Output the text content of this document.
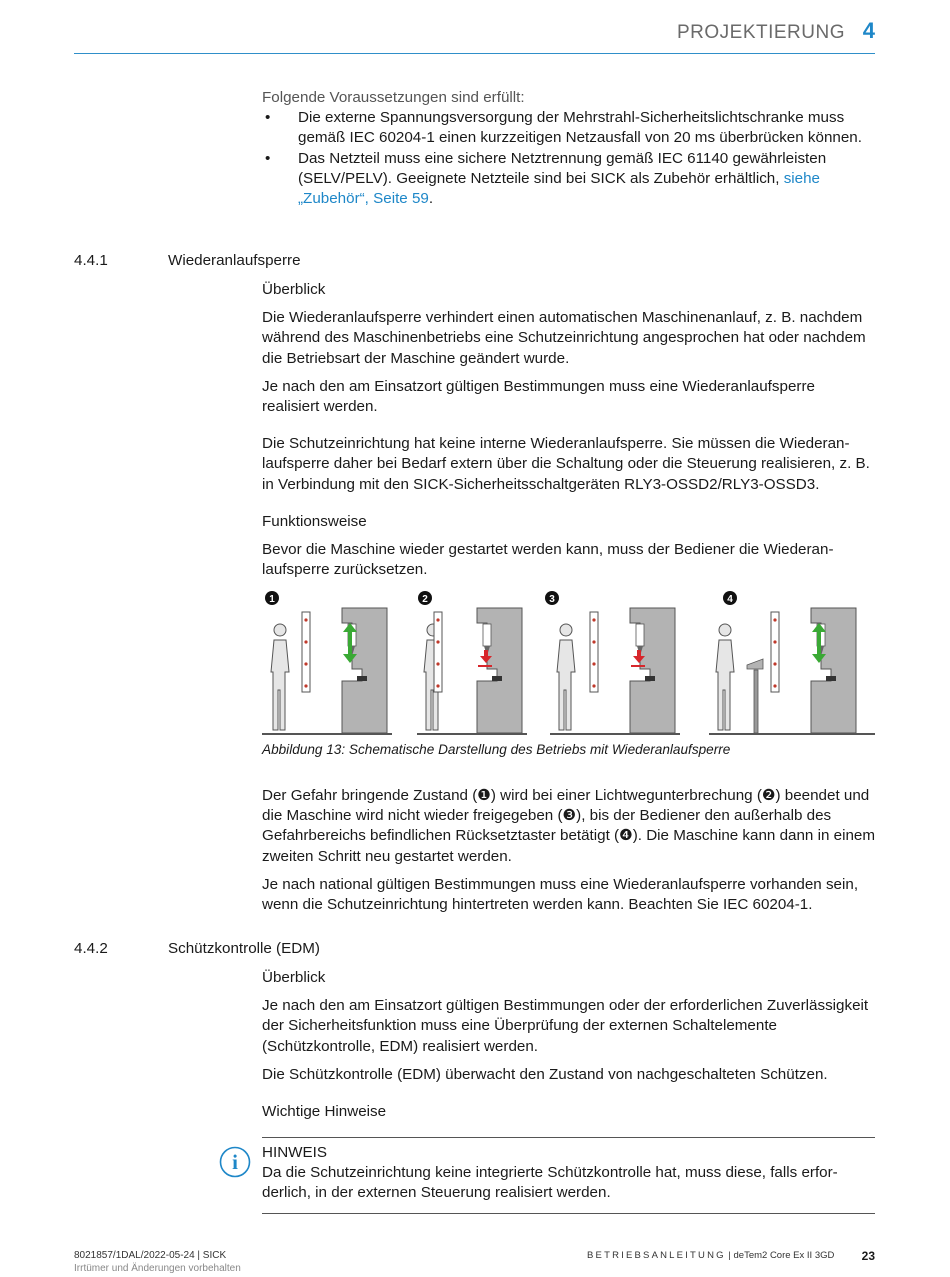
PROJEKTIERUNG 4

Folgende Voraussetzungen sind erfüllt:

• Die externe Spannungsversorgung der Mehrstrahl-Sicherheitslichtschranke muss gemäß IEC 60204-1 einen kurzzeitigen Netzausfall von 20 ms überbrücken können.
• Das Netzteil muss eine sichere Netztrennung gemäß IEC 61140 gewährleisten (SELV/PELV). Geeignete Netzteile sind bei SICK als Zubehör erhältlich, siehe „Zubehör“, Seite 59.
4.4.1	Wiederanlaufsperre

Überblick

Die Wiederanlaufsperre verhindert einen automatischen Maschinenanlauf, z. B. nachdem während des Maschinenbetriebs eine Schutzeinrichtung angesprochen hat oder nachdem die Betriebsart der Maschine geändert wurde.

Je nach den am Einsatzort gültigen Bestimmungen muss eine Wiederanlaufsperre realisiert werden.

Die Schutzeinrichtung hat keine interne Wiederanlaufsperre. Sie müssen die Wiederanlaufsperre daher bei Bedarf extern über die Schaltung oder die Steuerung realisieren, z. B. in Verbindung mit den SICK-Sicherheitsschaltgeräten RLY3-OSSD2/RLY3-OSSD3.

Funktionsweise

Bevor die Maschine wieder gestartet werden kann, muss der Bediener die Wiederanlaufsperre zurücksetzen.

1	2	3	4
Abbildung 13: Schematische Darstellung des Betriebs mit Wiederanlaufsperre

Der Gefahr bringende Zustand (❶) wird bei einer Lichtwegunterbrechung (❷) beendet und die Maschine wird nicht wieder freigegeben (❸), bis der Bediener den außerhalb des Gefahrbereichs befindlichen Rücksetztaster betätigt (❹). Die Maschine kann dann in einem zweiten Schritt neu gestartet werden.

Je nach national gültigen Bestimmungen muss eine Wiederanlaufsperre vorhanden sein, wenn die Schutzeinrichtung hintertreten werden kann. Beachten Sie IEC 60204-1.

4.4.2	Schützkontrolle (EDM)

Überblick

Je nach den am Einsatzort gültigen Bestimmungen oder der erforderlichen Zuverlässigkeit der Sicherheitsfunktion muss eine Überprüfung der externen Schaltelemente (Schützkontrolle, EDM) realisiert werden.

Die Schützkontrolle (EDM) überwacht den Zustand von nachgeschalteten Schützen.

Wichtige Hinweise

i HINWEIS

Da die Schutzeinrichtung keine integrierte Schützkontrolle hat, muss diese, falls erforderlich, in der externen Steuerung realisiert werden.

8021857/1DAL/2022-05-24 | SICK
Irrtümer und Änderungen vorbehalten
BETRIEBSANLEITUNG | deTem2 Core Ex II 3GD 23
